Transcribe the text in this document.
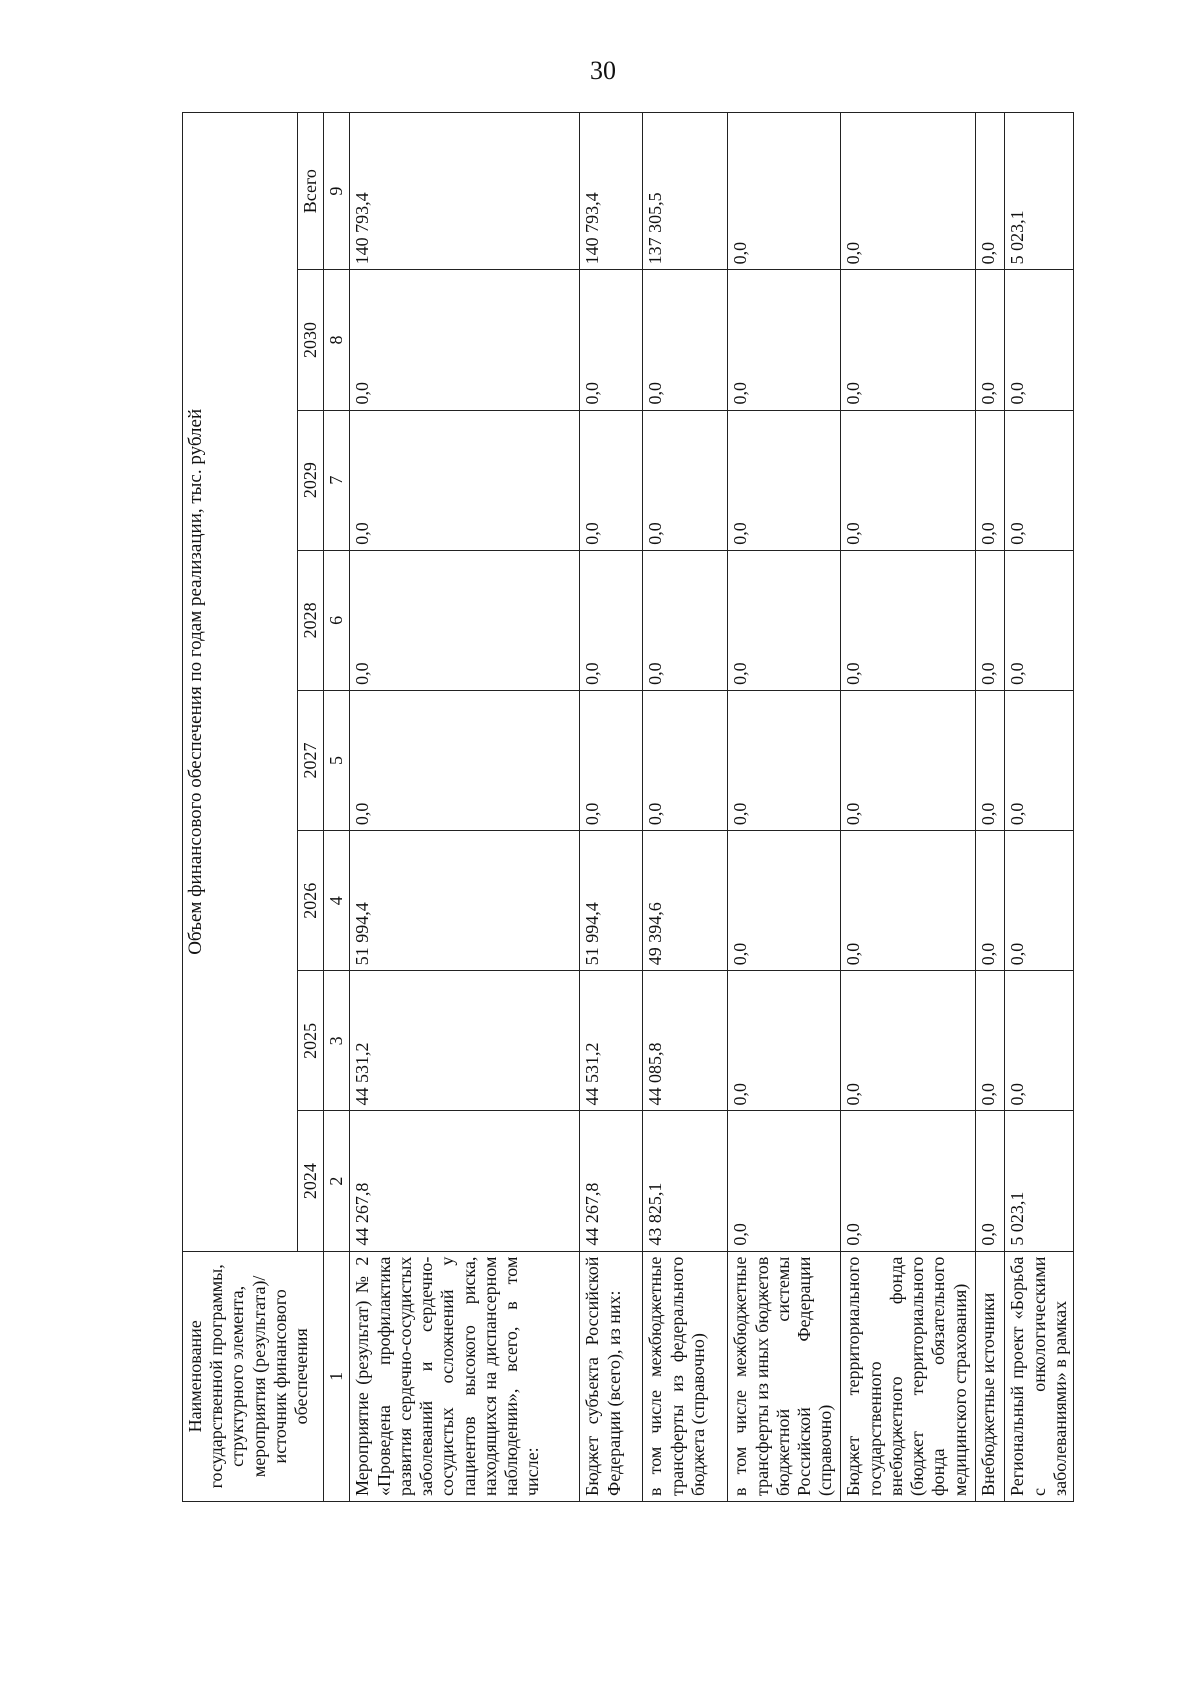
30
Наименование государственной программы, структурного элемента, мероприятия (результата)/источник финансового обеспечения	Объем финансового обеспечения по годам реализации, тыс. рублей							
	2024	2025	2026	2027	2028	2029	2030	Всего
1	2	3	4	5	6	7	8	9
Мероприятие (результат) № 2 «Проведена профилактика развития сердечно-сосудистых заболеваний и сердечно-сосудистых осложнений у пациентов высокого риска, находящихся на диспансерном наблюдении», всего, в том числе:	44 267,8	44 531,2	51 994,4	0,0	0,0	0,0	0,0	140 793,4
Бюджет субъекта Российской Федерации (всего), из них:	44 267,8	44 531,2	51 994,4	0,0	0,0	0,0	0,0	140 793,4
в том числе межбюджетные трансферты из федерального бюджета (справочно)	43 825,1	44 085,8	49 394,6	0,0	0,0	0,0	0,0	137 305,5
в том числе межбюджетные трансферты из иных бюджетов бюджетной системы Российской Федерации (справочно)	0,0	0,0	0,0	0,0	0,0	0,0	0,0	0,0
Бюджет территориального государственного внебюджетного фонда (бюджет территориального фонда обязательного медицинского страхования)	0,0	0,0	0,0	0,0	0,0	0,0	0,0	0,0
Внебюджетные источники	0,0	0,0	0,0	0,0	0,0	0,0	0,0	0,0
Региональный проект «Борьба с онкологическими заболеваниями» в рамках	5 023,1	0,0	0,0	0,0	0,0	0,0	0,0	5 023,1
